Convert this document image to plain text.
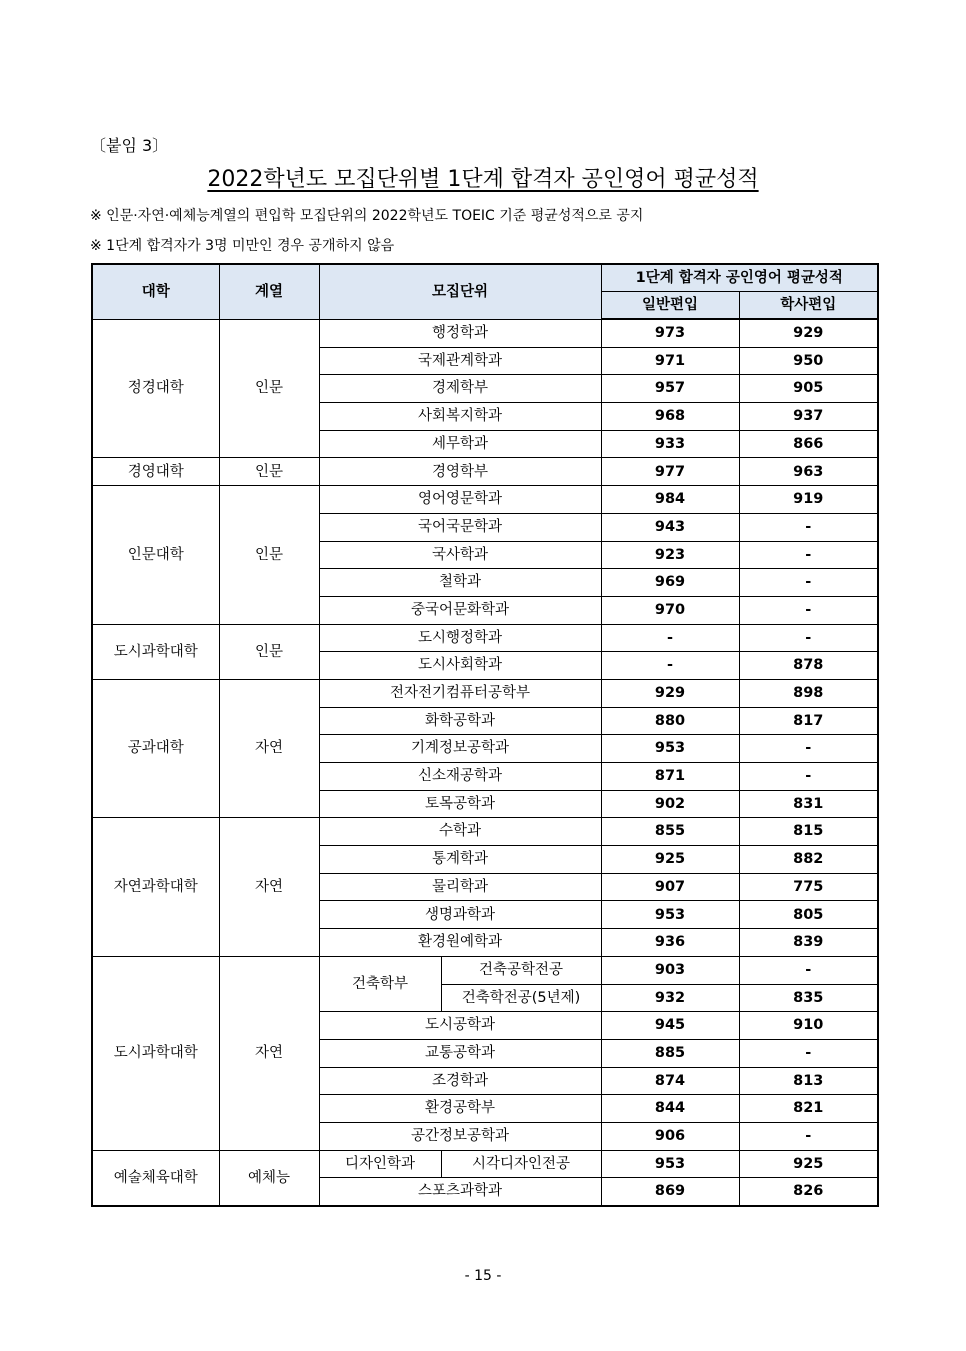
〔붙임 3〕
2022학년도 모집단위별 1단계 합격자 공인영어 평균성적
※ 인문·자연·예체능계열의 편입학 모집단위의 2022학년도 TOEIC 기준 평균성적으로 공지
※ 1단계 합격자가 3명 미만인 경우 공개하지 않음
대학	계열	모집단위		1단계 합격자 공인영어 평균성적	
				일반편입	학사편입
정경대학	인문	행정학과		973	929
		국제관계학과		971	950
		경제학부		957	905
		사회복지학과		968	937
		세무학과		933	866
경영대학	인문	경영학부		977	963
인문대학	인문	영어영문학과		984	919
		국어국문학과		943	-
		국사학과		923	-
		철학과		969	-
		중국어문화학과		970	-
도시과학대학	인문	도시행정학과		-	-
		도시사회학과		-	878
공과대학	자연	전자전기컴퓨터공학부		929	898
		화학공학과		880	817
		기계정보공학과		953	-
		신소재공학과		871	-
		토목공학과		902	831
자연과학대학	자연	수학과		855	815
		통계학과		925	882
		물리학과		907	775
		생명과학과		953	805
		환경원예학과		936	839
도시과학대학	자연	건축학부	건축공학전공	903	-
			건축학전공(5년제)	932	835
		도시공학과		945	910
		교통공학과		885	-
		조경학과		874	813
		환경공학부		844	821
		공간정보공학과		906	-
예술체육대학	예체능	디자인학과	시각디자인전공	953	925
		스포츠과학과		869	826
- 15 -
